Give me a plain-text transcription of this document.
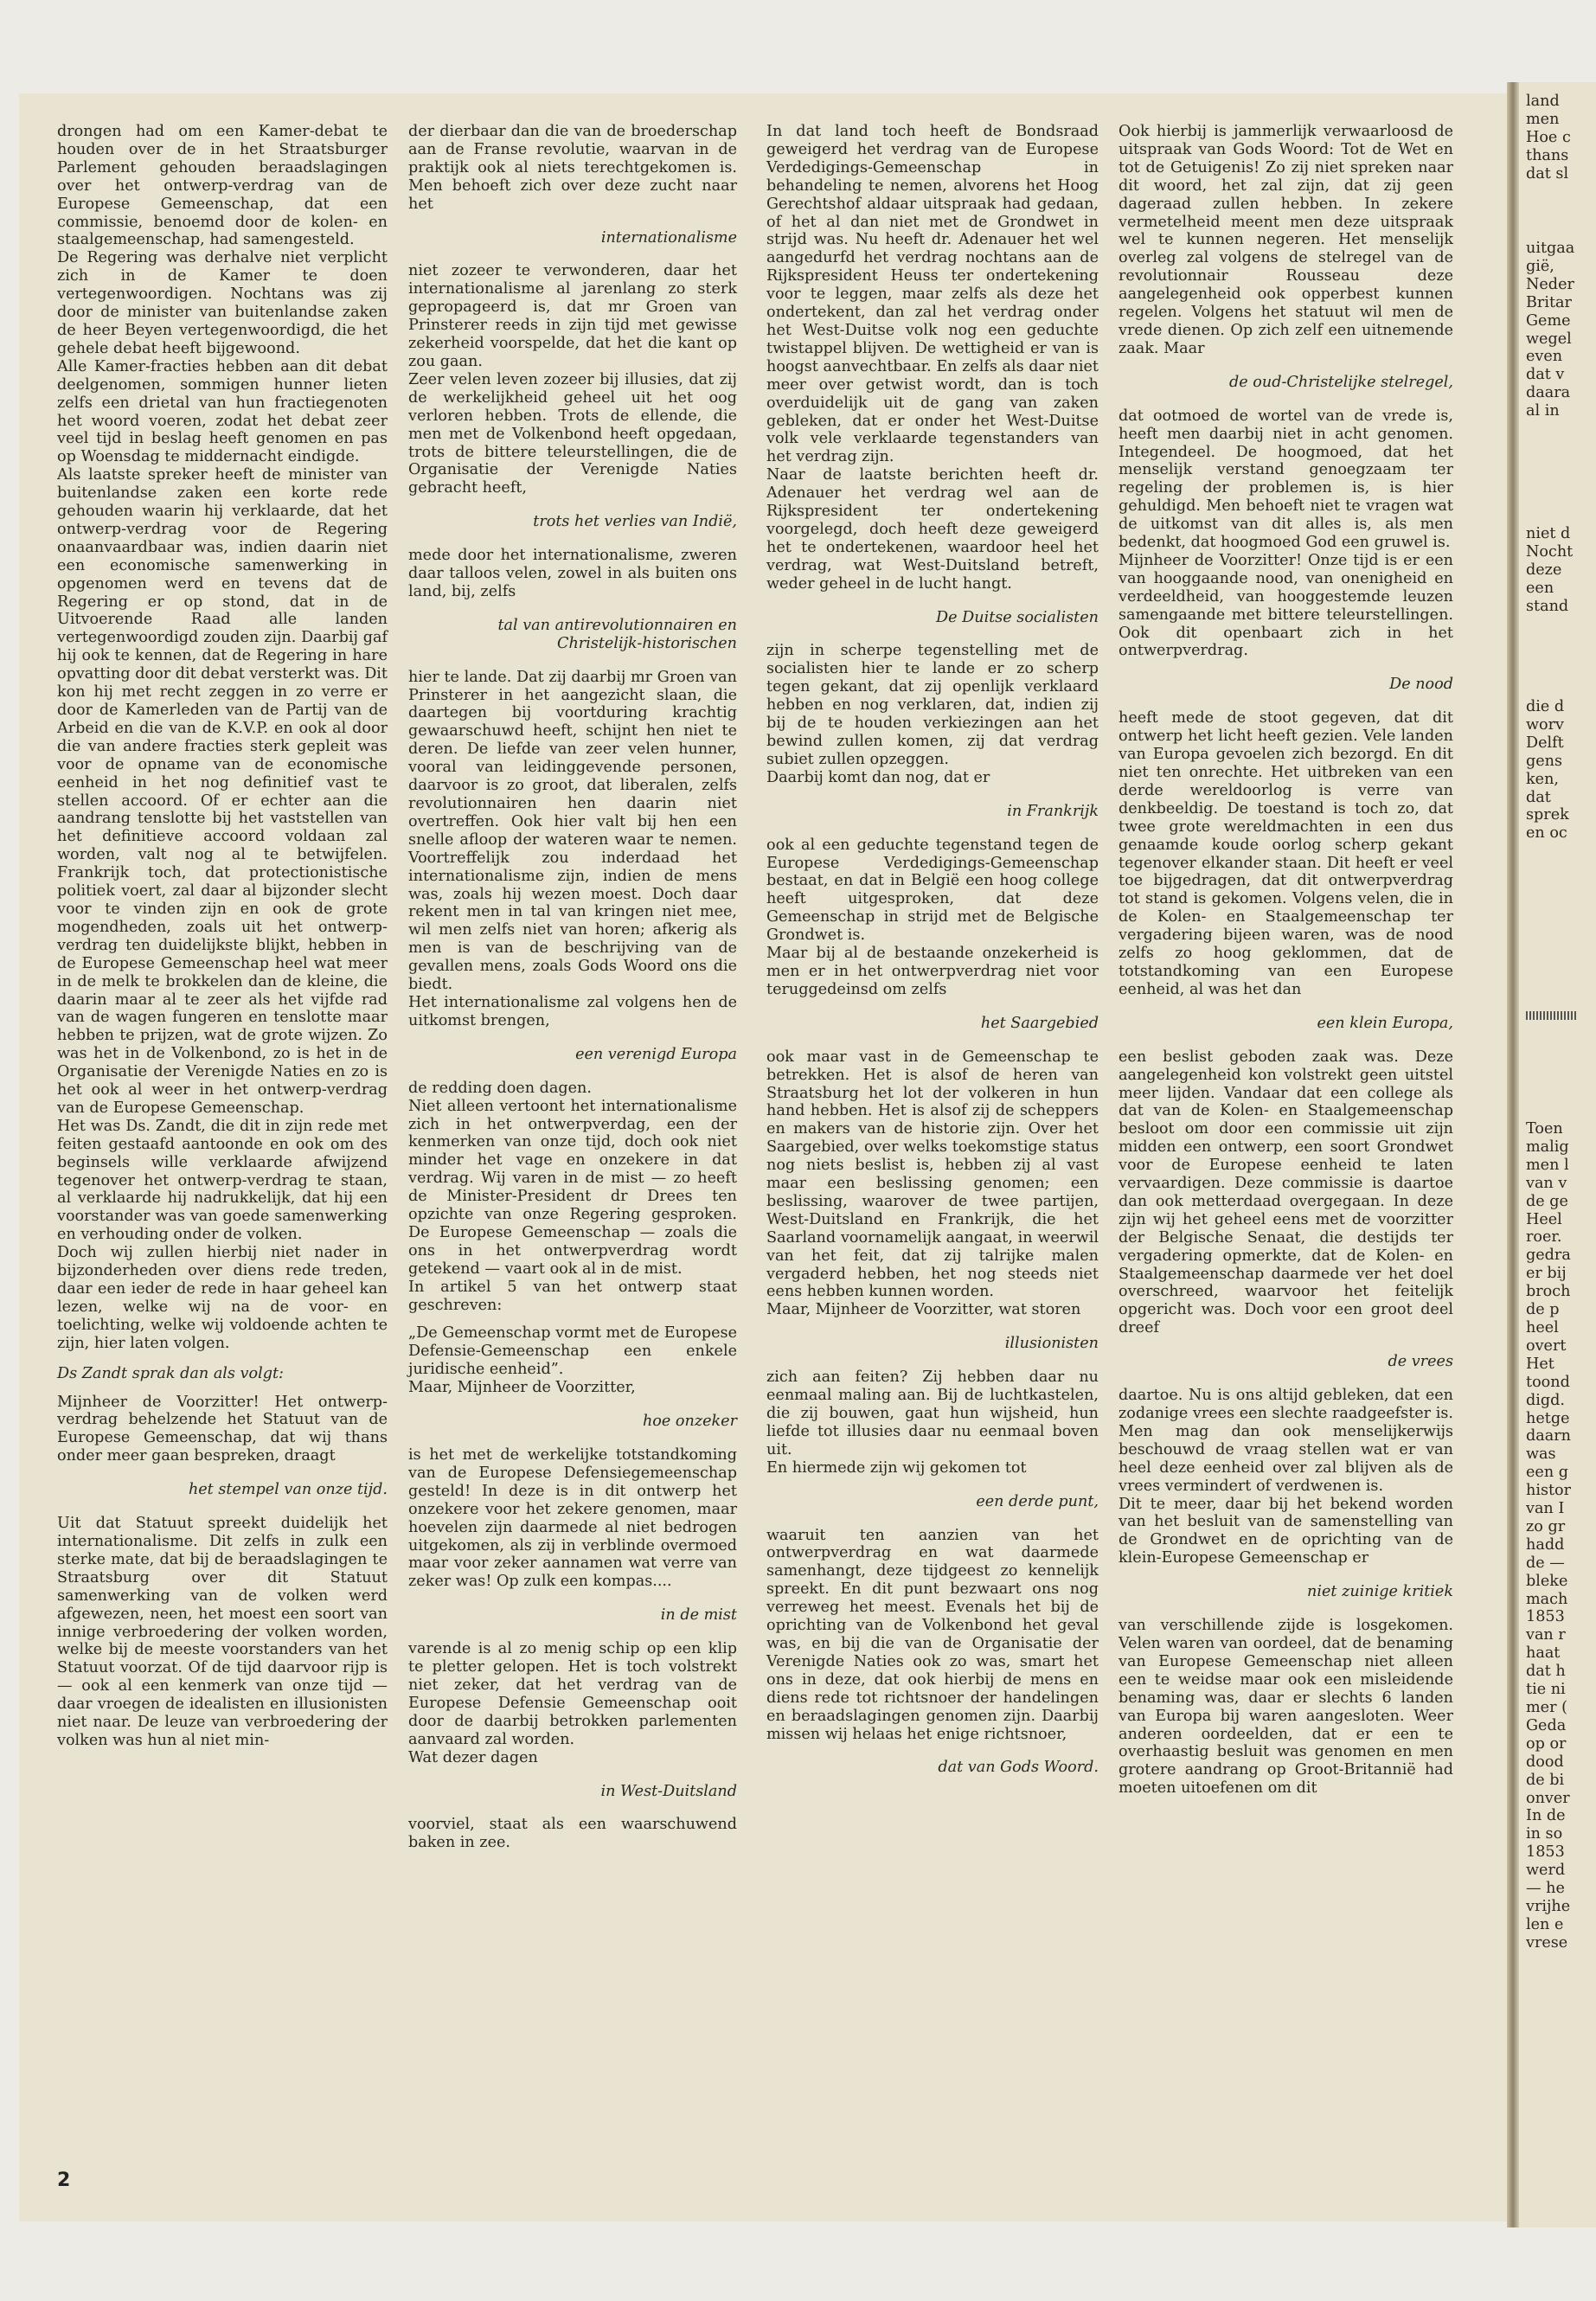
drongen had om een Kamer-debat te houden over de in het Straatsburger Parlement gehouden beraadslagingen over het ontwerp-verdrag van de Europese Gemeenschap, dat een commissie, benoemd door de kolen- en staalgemeenschap, had samengesteld.

De Regering was derhalve niet verplicht zich in de Kamer te doen vertegenwoordigen. Nochtans was zij door de minister van buitenlandse zaken de heer Beyen vertegenwoordigd, die het gehele debat heeft bijgewoond.

Alle Kamer-fracties hebben aan dit debat deelgenomen, sommigen hunner lieten zelfs een drietal van hun fractiegenoten het woord voeren, zodat het debat zeer veel tijd in beslag heeft genomen en pas op Woensdag te middernacht eindigde.

Als laatste spreker heeft de minister van buitenlandse zaken een korte rede gehouden waarin hij verklaarde, dat het ontwerp-verdrag voor de Regering onaanvaardbaar was, indien daarin niet een economische samenwerking in opgenomen werd en tevens dat de Regering er op stond, dat in de Uitvoerende Raad alle landen vertegenwoordigd zouden zijn. Daarbij gaf hij ook te kennen, dat de Regering in hare opvatting door dit debat versterkt was. Dit kon hij met recht zeggen in zo verre er door de Kamerleden van de Partij van de Arbeid en die van de K.V.P. en ook al door die van andere fracties sterk gepleit was voor de opname van de economische eenheid in het nog definitief vast te stellen accoord. Of er echter aan die aandrang tenslotte bij het vaststellen van het definitieve accoord voldaan zal worden, valt nog al te betwijfelen. Frankrijk toch, dat protectionistische politiek voert, zal daar al bijzonder slecht voor te vinden zijn en ook de grote mogendheden, zoals uit het ontwerp-verdrag ten duidelijkste blijkt, hebben in de Europese Gemeenschap heel wat meer in de melk te brokkelen dan de kleine, die daarin maar al te zeer als het vijfde rad van de wagen fungeren en tenslotte maar hebben te prijzen, wat de grote wijzen. Zo was het in de Volkenbond, zo is het in de Organisatie der Verenigde Naties en zo is het ook al weer in het ontwerp-verdrag van de Europese Gemeenschap.

Het was Ds. Zandt, die dit in zijn rede met feiten gestaafd aantoonde en ook om des beginsels wille verklaarde afwijzend tegenover het ontwerp-verdrag te staan, al verklaarde hij nadrukkelijk, dat hij een voorstander was van goede samenwerking en verhouding onder de volken.

Doch wij zullen hierbij niet nader in bijzonderheden over diens rede treden, daar een ieder de rede in haar geheel kan lezen, welke wij na de voor- en toelichting, welke wij voldoende achten te zijn, hier laten volgen.

Ds Zandt sprak dan als volgt:

Mijnheer de Voorzitter! Het ontwerp-verdrag behelzende het Statuut van de Europese Gemeenschap, dat wij thans onder meer gaan bespreken, draagt

het stempel van onze tijd.

Uit dat Statuut spreekt duidelijk het internationalisme. Dit zelfs in zulk een sterke mate, dat bij de beraadslagingen te Straatsburg over dit Statuut samenwerking van de volken werd afgewezen, neen, het moest een soort van innige verbroedering der volken worden, welke bij de meeste voorstanders van het Statuut voorzat. Of de tijd daarvoor rijp is — ook al een kenmerk van onze tijd — daar vroegen de idealisten en illusionisten niet naar. De leuze van verbroedering der volken was hun al niet min-

der dierbaar dan die van de broederschap aan de Franse revolutie, waarvan in de praktijk ook al niets terechtgekomen is. Men behoeft zich over deze zucht naar het

internationalisme

niet zozeer te verwonderen, daar het internationalisme al jarenlang zo sterk gepropageerd is, dat mr Groen van Prinsterer reeds in zijn tijd met gewisse zekerheid voorspelde, dat het die kant op zou gaan.

Zeer velen leven zozeer bij illusies, dat zij de werkelijkheid geheel uit het oog verloren hebben. Trots de ellende, die men met de Volkenbond heeft opgedaan, trots de bittere teleurstellingen, die de Organisatie der Verenigde Naties gebracht heeft,

trots het verlies van Indië,

mede door het internationalisme, zweren daar talloos velen, zowel in als buiten ons land, bij, zelfs

tal van antirevolutionnairen en Christelijk-historischen

hier te lande. Dat zij daarbij mr Groen van Prinsterer in het aangezicht slaan, die daartegen bij voortduring krachtig gewaarschuwd heeft, schijnt hen niet te deren. De liefde van zeer velen hunner, vooral van leidinggevende personen, daarvoor is zo groot, dat liberalen, zelfs revolutionnairen hen daarin niet overtreffen. Ook hier valt bij hen een snelle afloop der wateren waar te nemen. Voortreffelijk zou inderdaad het internationalisme zijn, indien de mens was, zoals hij wezen moest. Doch daar rekent men in tal van kringen niet mee, wil men zelfs niet van horen; afkerig als men is van de beschrijving van de gevallen mens, zoals Gods Woord ons die biedt.

Het internationalisme zal volgens hen de uitkomst brengen,

een verenigd Europa

de redding doen dagen.

Niet alleen vertoont het internationalisme zich in het ontwerpverdag, een der kenmerken van onze tijd, doch ook niet minder het vage en onzekere in dat verdrag. Wij varen in de mist — zo heeft de Minister-President dr Drees ten opzichte van onze Regering gesproken. De Europese Gemeenschap — zoals die ons in het ontwerpverdrag wordt getekend — vaart ook al in de mist.

In artikel 5 van het ontwerp staat geschreven:

„De Gemeenschap vormt met de Europese Defensie-Gemeenschap een enkele juridische eenheid”.

Maar, Mijnheer de Voorzitter,

hoe onzeker

is het met de werkelijke totstandkoming van de Europese Defensiegemeenschap gesteld! In deze is in dit ontwerp het onzekere voor het zekere genomen, maar hoevelen zijn daarmede al niet bedrogen uitgekomen, als zij in verblinde overmoed maar voor zeker aannamen wat verre van zeker was! Op zulk een kompas....

in de mist

varende is al zo menig schip op een klip te pletter gelopen. Het is toch volstrekt niet zeker, dat het verdrag van de Europese Defensie Gemeenschap ooit door de daarbij betrokken parlementen aanvaard zal worden.

Wat dezer dagen

in West-Duitsland

voorviel, staat als een waarschuwend baken in zee.

In dat land toch heeft de Bondsraad geweigerd het verdrag van de Europese Verdedigings-Gemeenschap in behandeling te nemen, alvorens het Hoog Gerechtshof aldaar uitspraak had gedaan, of het al dan niet met de Grondwet in strijd was. Nu heeft dr. Adenauer het wel aangedurfd het verdrag nochtans aan de Rijkspresident Heuss ter ondertekening voor te leggen, maar zelfs als deze het ondertekent, dan zal het verdrag onder het West-Duitse volk nog een geduchte twistappel blijven. De wettigheid er van is hoogst aanvechtbaar. En zelfs als daar niet meer over getwist wordt, dan is toch overduidelijk uit de gang van zaken gebleken, dat er onder het West-Duitse volk vele verklaarde tegenstanders van het verdrag zijn.

Naar de laatste berichten heeft dr. Adenauer het verdrag wel aan de Rijkspresident ter ondertekening voorgelegd, doch heeft deze geweigerd het te ondertekenen, waardoor heel het verdrag, wat West-Duitsland betreft, weder geheel in de lucht hangt.

De Duitse socialisten

zijn in scherpe tegenstelling met de socialisten hier te lande er zo scherp tegen gekant, dat zij openlijk verklaard hebben en nog verklaren, dat, indien zij bij de te houden verkiezingen aan het bewind zullen komen, zij dat verdrag subiet zullen opzeggen.

Daarbij komt dan nog, dat er

in Frankrijk

ook al een geduchte tegenstand tegen de Europese Verdedigings-Gemeenschap bestaat, en dat in België een hoog college heeft uitgesproken, dat deze Gemeenschap in strijd met de Belgische Grondwet is.

Maar bij al de bestaande onzekerheid is men er in het ontwerpverdrag niet voor teruggedeinsd om zelfs

het Saargebied

ook maar vast in de Gemeenschap te betrekken. Het is alsof de heren van Straatsburg het lot der volkeren in hun hand hebben. Het is alsof zij de scheppers en makers van de historie zijn. Over het Saargebied, over welks toekomstige status nog niets beslist is, hebben zij al vast maar een beslissing genomen; een beslissing, waarover de twee partijen, West-Duitsland en Frankrijk, die het Saarland voornamelijk aangaat, in weerwil van het feit, dat zij talrijke malen vergaderd hebben, het nog steeds niet eens hebben kunnen worden.

Maar, Mijnheer de Voorzitter, wat storen

illusionisten

zich aan feiten? Zij hebben daar nu eenmaal maling aan. Bij de luchtkastelen, die zij bouwen, gaat hun wijsheid, hun liefde tot illusies daar nu eenmaal boven uit.

En hiermede zijn wij gekomen tot

een derde punt,

waaruit ten aanzien van het ontwerpverdrag en wat daarmede samenhangt, deze tijdgeest zo kennelijk spreekt. En dit punt bezwaart ons nog verreweg het meest. Evenals het bij de oprichting van de Volkenbond het geval was, en bij die van de Organisatie der Verenigde Naties ook zo was, smart het ons in deze, dat ook hierbij de mens en diens rede tot richtsnoer der handelingen en beraadslagingen genomen zijn. Daarbij missen wij helaas het enige richtsnoer,

dat van Gods Woord.

Ook hierbij is jammerlijk verwaarloosd de uitspraak van Gods Woord: Tot de Wet en tot de Getuigenis! Zo zij niet spreken naar dit woord, het zal zijn, dat zij geen dageraad zullen hebben. In zekere vermetelheid meent men deze uitspraak wel te kunnen negeren. Het menselijk overleg zal volgens de stelregel van de revolutionnair Rousseau deze aangelegenheid ook opperbest kunnen regelen. Volgens het statuut wil men de vrede dienen. Op zich zelf een uitnemende zaak. Maar

de oud-Christelijke stelregel,

dat ootmoed de wortel van de vrede is, heeft men daarbij niet in acht genomen. Integendeel. De hoogmoed, dat het menselijk verstand genoegzaam ter regeling der problemen is, is hier gehuldigd. Men behoeft niet te vragen wat de uitkomst van dit alles is, als men bedenkt, dat hoogmoed God een gruwel is.

Mijnheer de Voorzitter! Onze tijd is er een van hooggaande nood, van onenigheid en verdeeldheid, van hooggestemde leuzen samengaande met bittere teleurstellingen. Ook dit openbaart zich in het ontwerpverdrag.

De nood

heeft mede de stoot gegeven, dat dit ontwerp het licht heeft gezien. Vele landen van Europa gevoelen zich bezorgd. En dit niet ten onrechte. Het uitbreken van een derde wereldoorlog is verre van denkbeeldig. De toestand is toch zo, dat twee grote wereldmachten in een dus genaamde koude oorlog scherp gekant tegenover elkander staan. Dit heeft er veel toe bijgedragen, dat dit ontwerpverdrag tot stand is gekomen. Volgens velen, die in de Kolen- en Staalgemeenschap ter vergadering bijeen waren, was de nood zelfs zo hoog geklommen, dat de totstandkoming van een Europese eenheid, al was het dan

een klein Europa,

een beslist geboden zaak was. Deze aangelegenheid kon volstrekt geen uitstel meer lijden. Vandaar dat een college als dat van de Kolen- en Staalgemeenschap besloot om door een commissie uit zijn midden een ontwerp, een soort Grondwet voor de Europese eenheid te laten vervaardigen. Deze commissie is daartoe dan ook metterdaad overgegaan. In deze zijn wij het geheel eens met de voorzitter der Belgische Senaat, die destijds ter vergadering opmerkte, dat de Kolen- en Staalgemeenschap daarmede ver het doel overschreed, waarvoor het feitelijk opgericht was. Doch voor een groot deel dreef

de vrees

daartoe. Nu is ons altijd gebleken, dat een zodanige vrees een slechte raadgeefster is. Men mag dan ook menselijkerwijs beschouwd de vraag stellen wat er van heel deze eenheid over zal blijven als de vrees vermindert of verdwenen is.

Dit te meer, daar bij het bekend worden van het besluit van de samenstelling van de Grondwet en de oprichting van de klein-Europese Gemeenschap er

niet zuinige kritiek

van verschillende zijde is losgekomen. Velen waren van oordeel, dat de benaming van Europese Gemeenschap niet alleen een te weidse maar ook een misleidende benaming was, daar er slechts 6 landen van Europa bij waren aangesloten. Weer anderen oordeelden, dat er een te overhaastig besluit was genomen en men grotere aandrang op Groot-Britannië had moeten uitoefenen om dit

2
land
men
Hoe c
thans
dat sl
uitgaa
gië,
Neder
Britar
Geme
wegel
even
dat v
daara
al in
niet d
Nocht
deze
een
stand
die d
worv
Delft
gens
ken,
dat
sprek
en oc
Toen
malig
men l
van v
de ge
Heel
roer.
gedra
er bij
broch
de p
heel
overt
Het
toond
digd.
hetge
daarn
was
een g
histor
van I
zo gr
hadd
de —
bleke
mach
1853
van r
haat
dat h
tie ni
mer (
Geda
op or
dood
de bi
onver
In de
in so
1853
werd
— he
vrijhe
len e
vrese
